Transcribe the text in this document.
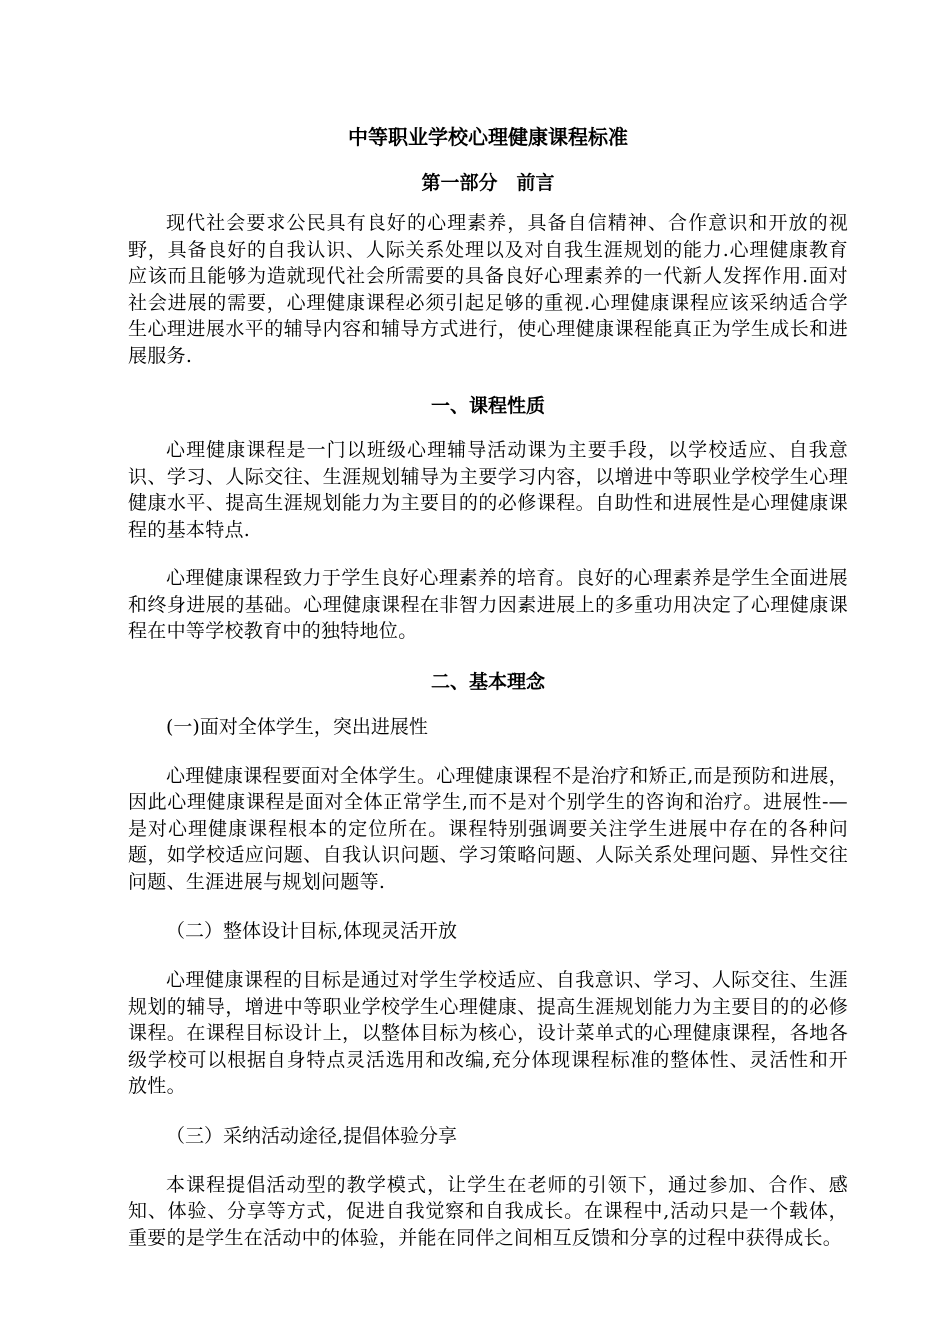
中等职业学校心理健康课程标准
第一部分　前言

现代社会要求公民具有良好的心理素养，具备自信精神、合作意识和开放的视野，具备良好的自我认识、人际关系处理以及对自我生涯规划的能力.心理健康教育应该而且能够为造就现代社会所需要的具备良好心理素养的一代新人发挥作用.面对社会进展的需要，心理健康课程必须引起足够的重视.心理健康课程应该采纳适合学生心理进展水平的辅导内容和辅导方式进行，使心理健康课程能真正为学生成长和进展服务.

一、课程性质

心理健康课程是一门以班级心理辅导活动课为主要手段，以学校适应、自我意识、学习、人际交往、生涯规划辅导为主要学习内容，以增进中等职业学校学生心理健康水平、提高生涯规划能力为主要目的的必修课程。自助性和进展性是心理健康课程的基本特点.

心理健康课程致力于学生良好心理素养的培育。良好的心理素养是学生全面进展和终身进展的基础。心理健康课程在非智力因素进展上的多重功用决定了心理健康课程在中等学校教育中的独特地位。

二、基本理念
(一)面对全体学生，突出进展性

心理健康课程要面对全体学生。心理健康课程不是治疗和矫正,而是预防和进展，因此心理健康课程是面对全体正常学生,而不是对个别学生的咨询和治疗。进展性-—是对心理健康课程根本的定位所在。课程特别强调要关注学生进展中存在的各种问题，如学校适应问题、自我认识问题、学习策略问题、人际关系处理问题、异性交往问题、生涯进展与规划问题等.

（二）整体设计目标,体现灵活开放

心理健康课程的目标是通过对学生学校适应、自我意识、学习、人际交往、生涯规划的辅导，增进中等职业学校学生心理健康、提高生涯规划能力为主要目的的必修课程。在课程目标设计上，以整体目标为核心，设计菜单式的心理健康课程，各地各级学校可以根据自身特点灵活选用和改编,充分体现课程标准的整体性、灵活性和开放性。

（三）采纳活动途径,提倡体验分享

本课程提倡活动型的教学模式，让学生在老师的引领下，通过参加、合作、感知、体验、分享等方式，促进自我觉察和自我成长。在课程中,活动只是一个载体，重要的是学生在活动中的体验，并能在同伴之间相互反馈和分享的过程中获得成长。
